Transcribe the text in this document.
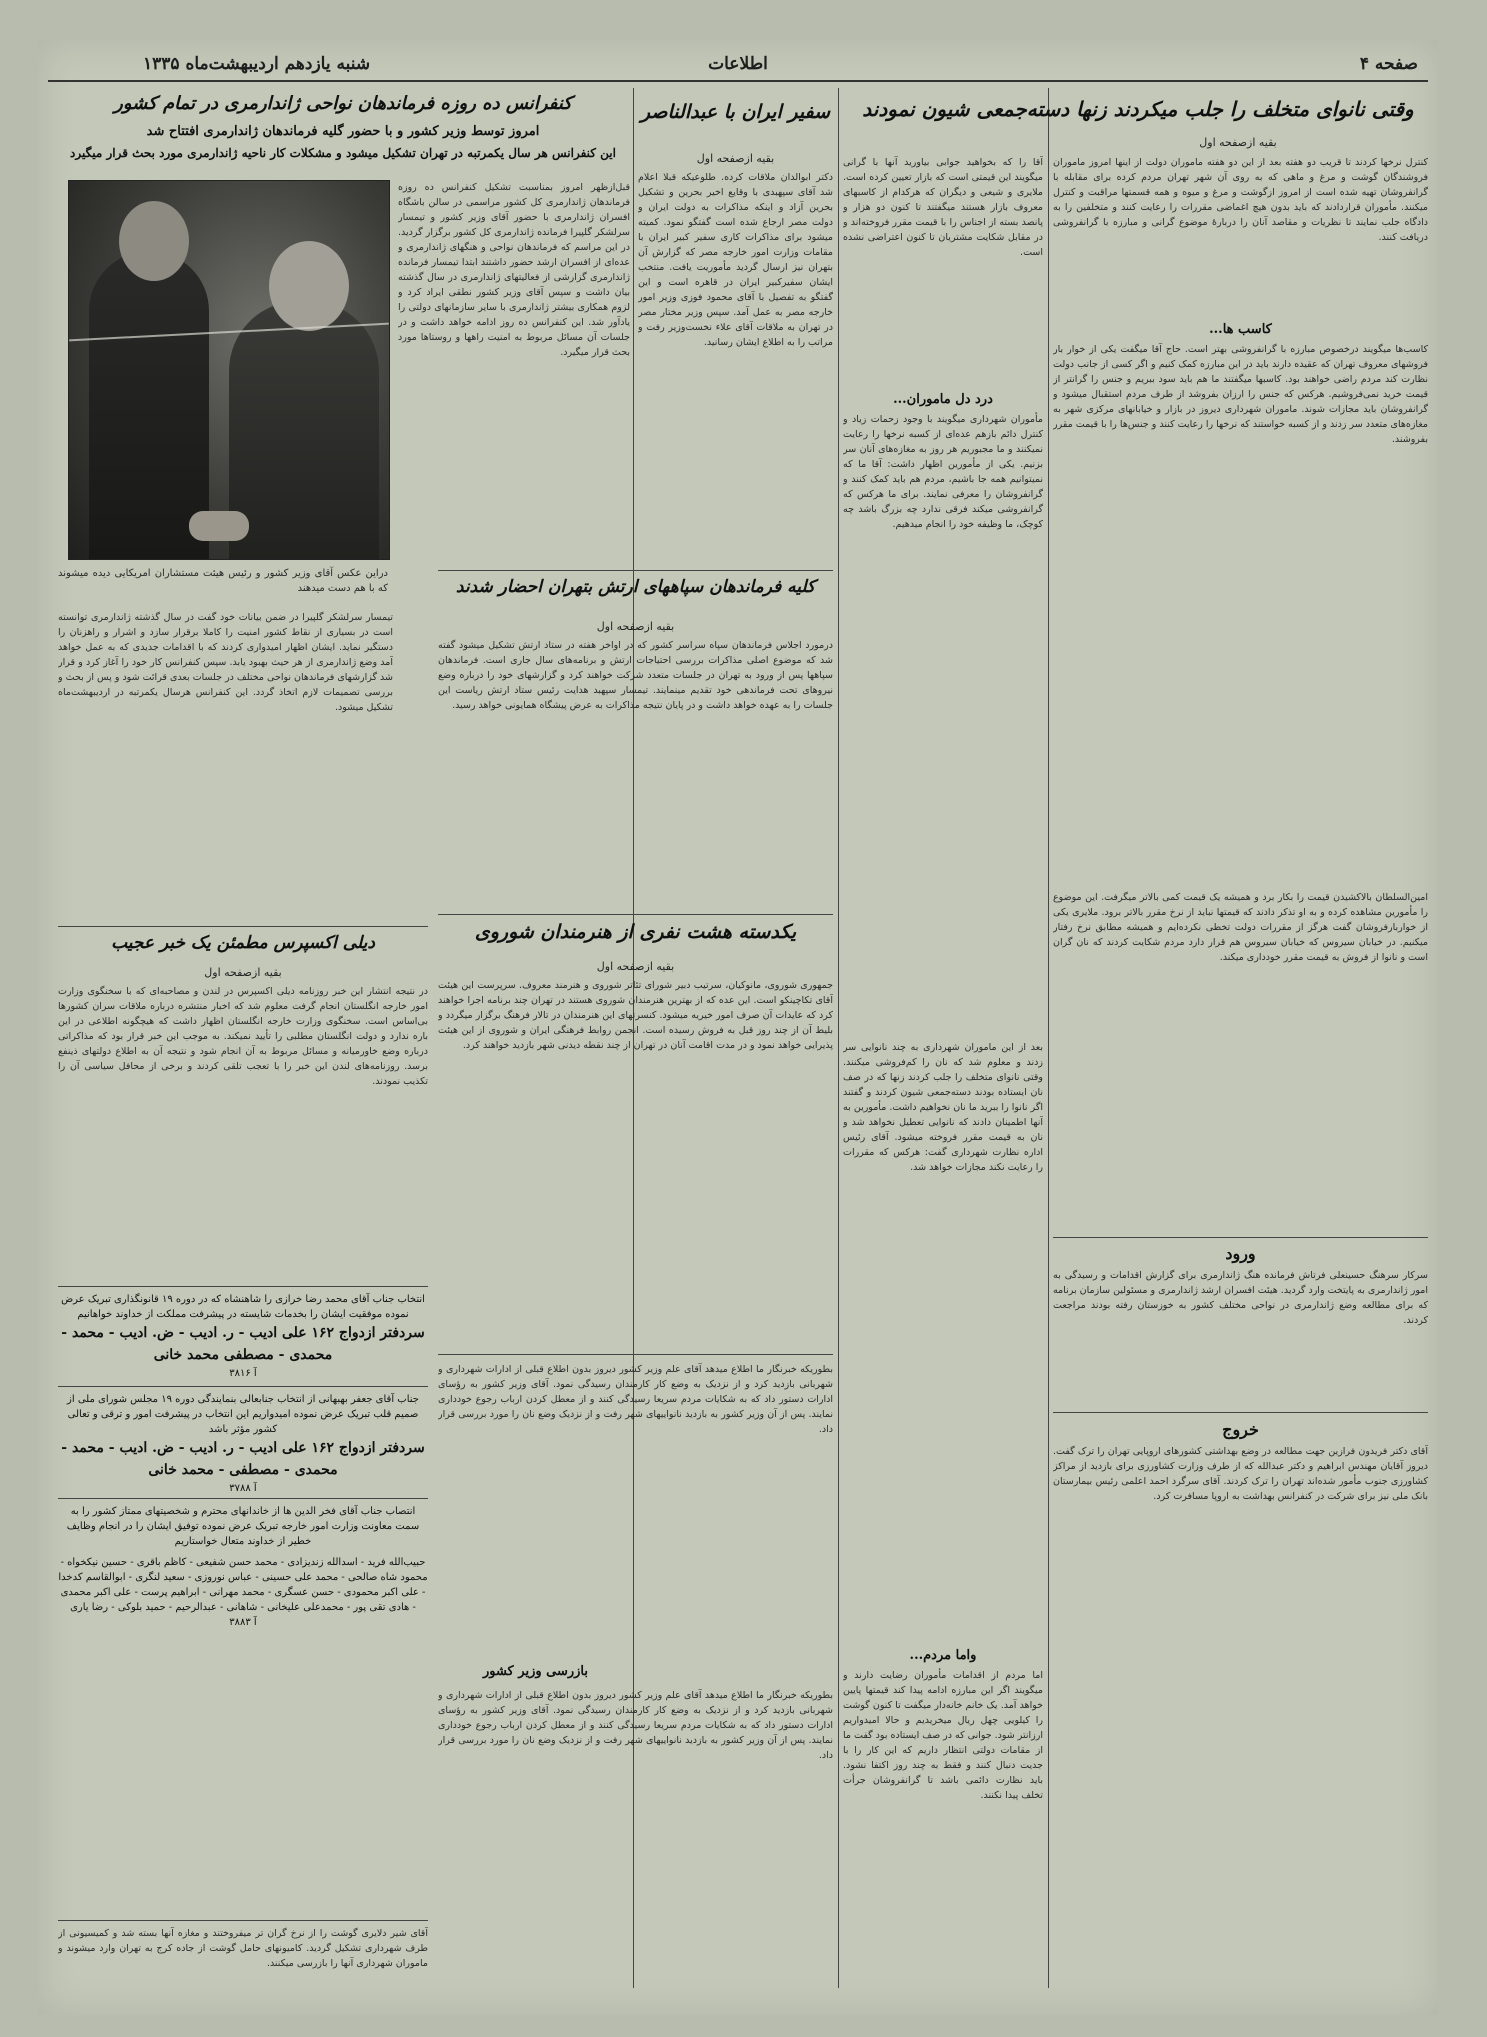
صفحه ۴
اطلاعات
شنبه یازدهم اردیبهشت‌ماه ۱۳۳۵
وقتی نانوای متخلف را جلب میکردند زنها دسته‌جمعی شیون نمودند
بقیه ازصفحه اول
کنترل نرخها کردند تا قریب دو هفته بعد از این دو هفته ماموران دولت از اینها امروز ماموران فروشندگان گوشت و مرغ و ماهی که به روی آن شهر تهران مردم کرده برای مقابله با گرانفروشان تهیه شده است از امروز ازگوشت و مرغ و میوه و همه قسمتها مراقبت و کنترل میکنند. مأموران قراردادند که باید بدون هیچ اغماضی مقررات را رعایت کنند و متخلفین را به دادگاه جلب نمایند تا نظریات و مقاصد آنان را دربارۀ موضوع گرانی و مبارزه با گرانفروشی دریافت کنند.
کاسب ها...
کاسب‌ها میگویند درخصوص مبارزه با گرانفروشی بهتر است. حاج آقا میگفت یکی از خوار بار فروشهای معروف تهران که عقیده دارند باید در این مبارزه کمک کنیم و اگر کسی از جانب دولت نظارت کند مردم راضی خواهند بود. کاسبها میگفتند ما هم باید سود ببریم و جنس را گرانتر از قیمت خرید نمی‌فروشیم. هرکس که جنس را ارزان بفروشد از طرف مردم استقبال میشود و گرانفروشان باید مجازات شوند. ماموران شهرداری دیروز در بازار و خیابانهای مرکزی شهر به مغازه‌های متعدد سر زدند و از کسبه خواستند که نرخها را رعایت کنند و جنس‌ها را با قیمت مقرر بفروشند.
امین‌السلطان بالاکشیدن قیمت را بکار برد و همیشه یک قیمت کمی بالاتر میگرفت. این موضوع را مأمورین مشاهده کرده و به او تذکر دادند که قیمتها نباید از نرخ مقرر بالاتر برود. ملایری یکی از خواربارفروشان گفت هرگز از مقررات دولت تخطی نکرده‌ایم و همیشه مطابق نرخ رفتار میکنیم. در خیابان سیروس که خیابان سیروس هم قرار دارد مردم شکایت کردند که نان گران است و نانوا از فروش به قیمت مقرر خودداری میکند.
ورود
سرکار سرهنگ حسینعلی فرتاش فرمانده هنگ ژاندارمری برای گزارش اقدامات و رسیدگی به امور ژاندارمری به پایتخت وارد گردید. هیئت افسران ارشد ژاندارمری و مسئولین سازمان برنامه که برای مطالعه وضع ژاندارمری در نواحی مختلف کشور به خوزستان رفته بودند مراجعت کردند.
خروج
آقای دکتر فریدون فرازین جهت مطالعه در وضع بهداشتی کشورهای اروپایی تهران را ترک گفت. دیروز آقایان مهندس ابراهیم و دکتر عبدالله که از طرف وزارت کشاورزی برای بازدید از مراکز کشاورزی جنوب مأمور شده‌اند تهران را ترک کردند. آقای سرگرد احمد اعلمی رئیس بیمارستان بانک ملی نیز برای شرکت در کنفرانس بهداشت به اروپا مسافرت کرد.
آقا را که بخواهید جوابی بیاورید آنها با گرانی میگویند این قیمتی است که بازار تعیین کرده است. ملایری و شیعی و دیگران که هرکدام از کاسبهای معروف بازار هستند میگفتند تا کنون دو هزار و پانصد بسته از اجناس را با قیمت مقرر فروخته‌اند و در مقابل شکایت مشتریان تا کنون اعتراضی نشده است.
درد دل ماموران...
مأموران شهرداری میگویند با وجود زحمات زیاد و کنترل دائم بازهم عده‌ای از کسبه نرخها را رعایت نمیکنند و ما مجبوریم هر روز به مغازه‌های آنان سر بزنیم. یکی از مأمورین اظهار داشت: آقا ما که نمیتوانیم همه جا باشیم، مردم هم باید کمک کنند و گرانفروشان را معرفی نمایند. برای ما هرکس که گرانفروشی میکند فرقی ندارد چه بزرگ باشد چه کوچک، ما وظیفه خود را انجام میدهیم.
بعد از این ماموران شهرداری به چند نانوایی سر زدند و معلوم شد که نان را کم‌فروشی میکنند. وقتی نانوای متخلف را جلب کردند زنها که در صف نان ایستاده بودند دسته‌جمعی شیون کردند و گفتند اگر نانوا را ببرید ما نان نخواهیم داشت. مأمورین به آنها اطمینان دادند که نانوایی تعطیل نخواهد شد و نان به قیمت مقرر فروخته میشود. آقای رئیس اداره نظارت شهرداری گفت: هرکس که مقررات را رعایت نکند مجازات خواهد شد.
واما مردم...
اما مردم از اقدامات مأموران رضایت دارند و میگویند اگر این مبارزه ادامه پیدا کند قیمتها پایین خواهد آمد. یک خانم خانه‌دار میگفت تا کنون گوشت را کیلویی چهل ریال میخریدیم و حالا امیدواریم ارزانتر شود. جوانی که در صف ایستاده بود گفت ما از مقامات دولتی انتظار داریم که این کار را با جدیت دنبال کنند و فقط به چند روز اکتفا نشود. باید نظارت دائمی باشد تا گرانفروشان جرأت تخلف پیدا نکنند.
سفیر ایران با عبدالناصر
بقیه ازصفحه اول
دکتر ابوالدان ملاقات کرده. طلوعیکه قبلا اعلام شد آقای سپهبدی با وقایع اخیر بحرین و تشکیل بحرین آزاد و اینکه مذاکرات به دولت ایران و دولت مصر ارجاع شده است گفتگو نمود. کمیته میشود برای مذاکرات کاری سفیر کبیر ایران با مقامات وزارت امور خارجه مصر که گزارش آن بتهران نیز ارسال گردید مأموریت یافت. منتخب ایشان سفیرکبیر ایران در قاهره است و این گفتگو به تفصیل با آقای محمود فوزی وزیر امور خارجه مصر به عمل آمد. سپس وزیر مختار مصر در تهران به ملاقات آقای علاء نخست‌وزیر رفت و مراتب را به اطلاع ایشان رسانید.
کلیه فرماندهان سپاههای ارتش بتهران احضار شدند
بقیه ازصفحه اول
درمورد اجلاس فرماندهان سپاه سراسر کشور که در اواخر هفته در ستاد ارتش تشکیل میشود گفته شد که موضوع اصلی مذاکرات بررسی احتیاجات ارتش و برنامه‌های سال جاری است. فرماندهان سپاهها پس از ورود به تهران در جلسات متعدد شرکت خواهند کرد و گزارشهای خود را درباره وضع نیروهای تحت فرماندهی خود تقدیم مینمایند. تیمسار سپهبد هدایت رئیس ستاد ارتش ریاست این جلسات را به عهده خواهد داشت و در پایان نتیجه مذاکرات به عرض پیشگاه همایونی خواهد رسید.
یکدسته هشت نفری از هنرمندان شوروی
بقیه ازصفحه اول
جمهوری شوروی، مانوکیان، سرتیب دبیر شورای تئاتر شوروی و هنرمند معروف. سرپرست این هیئت آقای تکاچینکو است. این عده که از بهترین هنرمندان شوروی هستند در تهران چند برنامه اجرا خواهند کرد که عایدات آن صرف امور خیریه میشود. کنسرتهای این هنرمندان در تالار فرهنگ برگزار میگردد و بلیط آن از چند روز قبل به فروش رسیده است. انجمن روابط فرهنگی ایران و شوروی از این هیئت پذیرایی خواهد نمود و در مدت اقامت آنان در تهران از چند نقطه دیدنی شهر بازدید خواهند کرد.
بطوریکه خبرنگار ما اطلاع میدهد آقای علم وزیر کشور دیروز بدون اطلاع قبلی از ادارات شهرداری و شهربانی بازدید کرد و از نزدیک به وضع کار کارمندان رسیدگی نمود. آقای وزیر کشور به رؤسای ادارات دستور داد که به شکایات مردم سریعا رسیدگی کنند و از معطل کردن ارباب رجوع خودداری نمایند. پس از آن وزیر کشور به بازدید نانواییهای شهر رفت و از نزدیک وضع نان را مورد بررسی قرار داد.
بازرسی وزیر کشور
بطوریکه خبرنگار ما اطلاع میدهد آقای علم وزیر کشور دیروز بدون اطلاع قبلی از ادارات شهرداری و شهربانی بازدید کرد و از نزدیک به وضع کار کارمندان رسیدگی نمود. آقای وزیر کشور به رؤسای ادارات دستور داد که به شکایات مردم سریعا رسیدگی کنند و از معطل کردن ارباب رجوع خودداری نمایند. پس از آن وزیر کشور به بازدید نانواییهای شهر رفت و از نزدیک وضع نان را مورد بررسی قرار داد.
کنفرانس ده روزه فرماندهان نواحی ژاندارمری در تمام کشور
امروز توسط وزیر کشور و با حضور گلیه فرماندهان ژاندارمری افتتاح شد
این کنفرانس هر سال یکمرتبه در تهران تشکیل میشود و مشکلات کار ناحیه ژاندارمری مورد بحث قرار میگیرد
قبل‌ازظهر امروز بمناسبت تشکیل کنفرانس ده روزه فرماندهان ژاندارمری کل کشور مراسمی در سالن باشگاه افسران ژاندارمری با حضور آقای وزیر کشور و تیمسار سرلشکر گلپیرا فرمانده ژاندارمری کل کشور برگزار گردید. در این مراسم که فرماندهان نواحی و هنگهای ژاندارمری و عده‌ای از افسران ارشد حضور داشتند ابتدا تیمسار فرمانده ژاندارمری گزارشی از فعالیتهای ژاندارمری در سال گذشته بیان داشت و سپس آقای وزیر کشور نطقی ایراد کرد و لزوم همکاری بیشتر ژاندارمری با سایر سازمانهای دولتی را یادآور شد. این کنفرانس ده روز ادامه خواهد داشت و در جلسات آن مسائل مربوط به امنیت راهها و روستاها مورد بحث قرار میگیرد.
دراین عکس آقای وزیر کشور و رئیس هیئت مستشاران امریکایی دیده میشوند که با هم دست میدهند
تیمسار سرلشکر گلپیرا در ضمن بیانات خود گفت در سال گذشته ژاندارمری توانسته است در بسیاری از نقاط کشور امنیت را کاملا برقرار سازد و اشرار و راهزنان را دستگیر نماید. ایشان اظهار امیدواری کردند که با اقدامات جدیدی که به عمل خواهد آمد وضع ژاندارمری از هر حیث بهبود یابد. سپس کنفرانس کار خود را آغاز کرد و قرار شد گزارشهای فرماندهان نواحی مختلف در جلسات بعدی قرائت شود و پس از بحث و بررسی تصمیمات لازم اتخاذ گردد. این کنفرانس هرسال یکمرتبه در اردیبهشت‌ماه تشکیل میشود.
دیلی اکسپرس مطمئن یک خبر عجیب
بقیه ازصفحه اول
در نتیجه انتشار این خبر روزنامه دیلی اکسپرس در لندن و مصاحبه‌ای که با سخنگوی وزارت امور خارجه انگلستان انجام گرفت معلوم شد که اخبار منتشره درباره ملاقات سران کشورها بی‌اساس است. سخنگوی وزارت خارجه انگلستان اظهار داشت که هیچگونه اطلاعی در این باره ندارد و دولت انگلستان مطلبی را تأیید نمیکند. به موجب این خبر قرار بود که مذاکراتی درباره وضع خاورمیانه و مسائل مربوط به آن انجام شود و نتیجه آن به اطلاع دولتهای ذینفع برسد. روزنامه‌های لندن این خبر را با تعجب تلقی کردند و برخی از محافل سیاسی آن را تکذیب نمودند.
انتخاب جناب آقای محمد رضا خرازی را شاهنشاه که در دوره ۱۹ قانونگذاری تبریک عرض نموده موفقیت ایشان را بخدمات شایسته در پیشرفت مملکت از خداوند خواهانیم
سردفتر ازدواج ۱۶۲ علی ادیب - ر. ادیب - ض. ادیب - محمد - محمدی - مصطفی محمد خانی
آ ۳۸۱۶
جناب آقای جعفر بهبهانی از انتخاب جنابعالی بنمایندگی دوره ۱۹ مجلس شورای ملی از صمیم قلب تبریک عرض نموده امیدواریم این انتخاب در پیشرفت امور و ترقی و تعالی کشور مؤثر باشد
سردفتر ازدواج ۱۶۲ علی ادیب - ر. ادیب - ض. ادیب - محمد - محمدی - مصطفی - محمد خانی
آ ۳۷۸۸
انتصاب جناب آقای فخر الدین ها از خاندانهای محترم و شخصیتهای ممتاز کشور را به سمت معاونت وزارت امور خارجه تبریک عرض نموده توفیق ایشان را در انجام وظایف خطیر از خداوند متعال خواستاریم
حبیب‌الله فرید - اسدالله زندیزادی - محمد حسن شفیعی - کاظم باقری - حسین نیکخواه - محمود شاه صالحی - محمد علی حسینی - عباس نوروزی - سعید لنگری - ابوالقاسم کدخدا - علی اکبر محمودی - حسن عسگری - محمد مهرانی - ابراهیم پرست - علی اکبر محمدی - هادی تقی پور - محمدعلی علیخانی - شاهانی - عبدالرحیم - حمید بلوکی - رضا یاری
آ ۳۸۸۳
آقای شیر دلایری گوشت را از نرخ گران تر میفروختند و مغازه آنها بسته شد و کمیسیونی از طرف شهرداری تشکیل گردید. کامیونهای حامل گوشت از جاده کرج به تهران وارد میشوند و ماموران شهرداری آنها را بازرسی میکنند.
